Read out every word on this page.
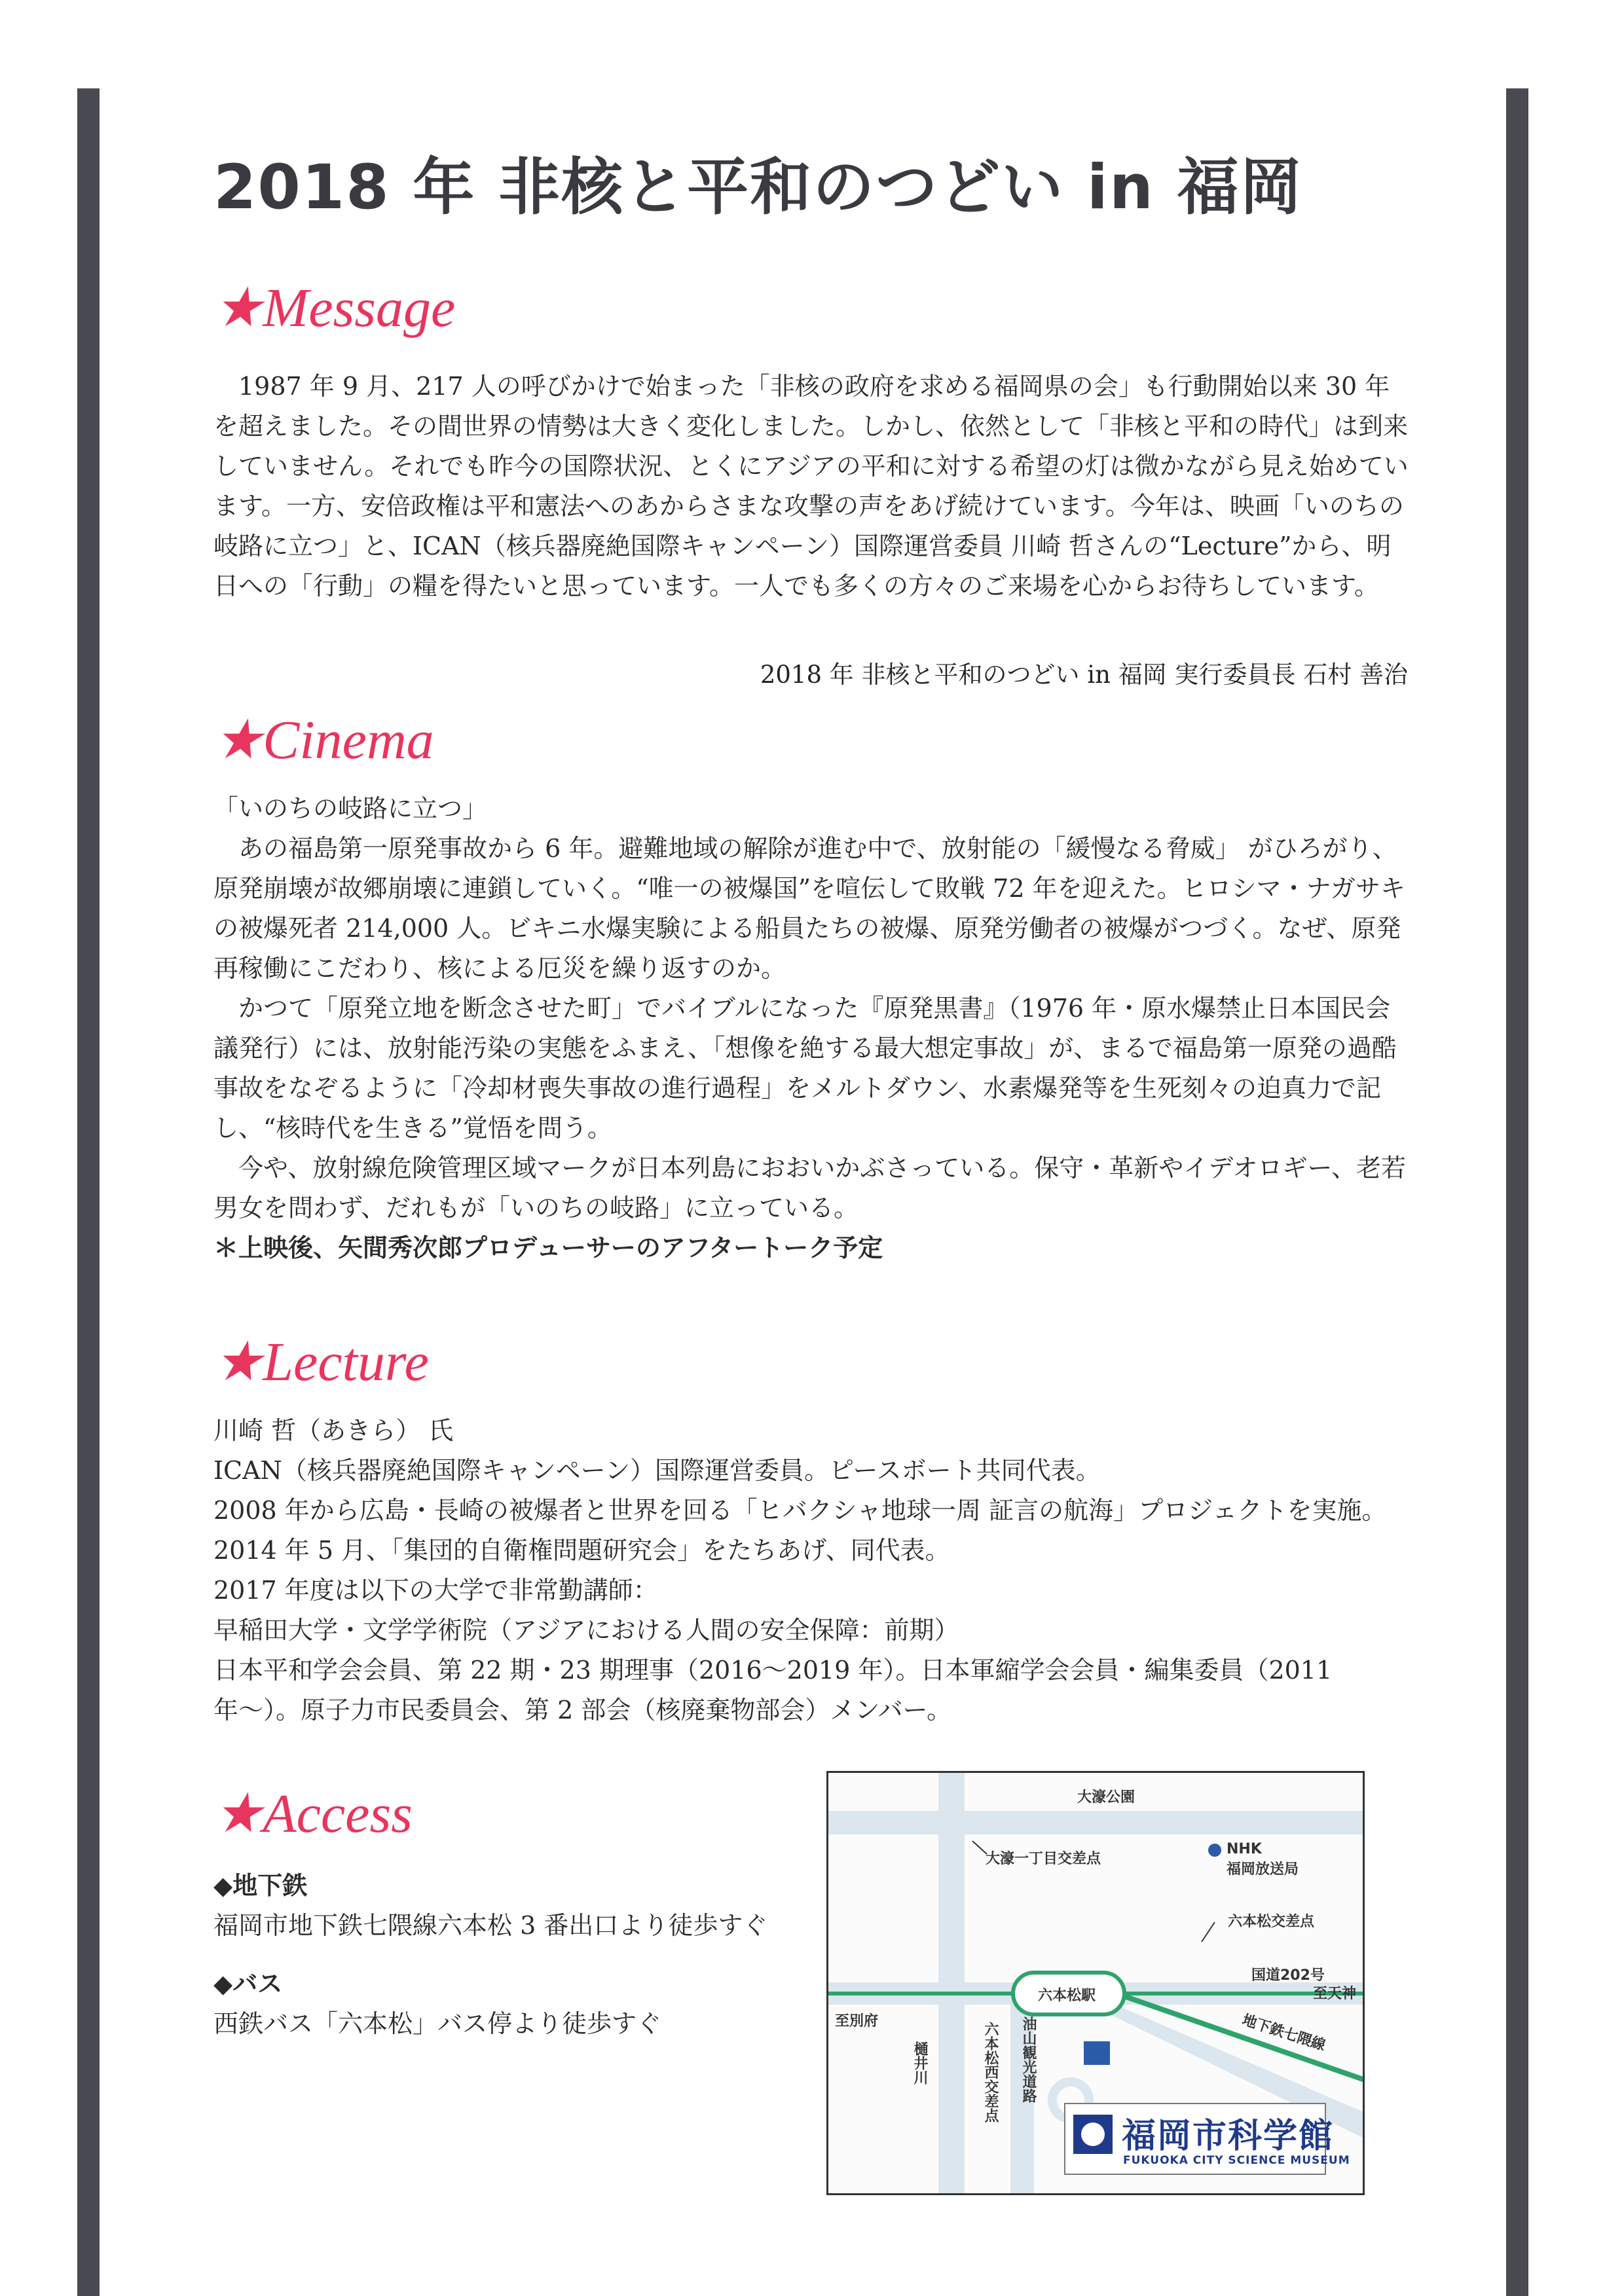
2018 年 非核と平和のつどい in 福岡
★Message

1987 年 9 月、217 人の呼びかけで始まった「非核の政府を求める福岡県の会」も行動開始以来 30 年を超えました。その間世界の情勢は大きく変化しました。しかし、依然として「非核と平和の時代」は到来していません。それでも昨今の国際状況、とくにアジアの平和に対する希望の灯は微かながら見え始めています。一方、安倍政権は平和憲法へのあからさまな攻撃の声をあげ続けています。今年は、映画「いのちの岐路に立つ」と、ICAN（核兵器廃絶国際キャンペーン）国際運営委員 川崎 哲さんの“Lecture”から、明日への「行動」の糧を得たいと思っています。一人でも多くの方々のご来場を心からお待ちしています。

2018 年 非核と平和のつどい in 福岡 実行委員長 石村 善治
★Cinema

「いのちの岐路に立つ」

あの福島第一原発事故から 6 年。避難地域の解除が進む中で、放射能の「緩慢なる脅威」 がひろがり、原発崩壊が故郷崩壊に連鎖していく。“唯一の被爆国”を喧伝して敗戦 72 年を迎えた。ヒロシマ・ナガサキの被爆死者 214,000 人。ビキニ水爆実験による船員たちの被爆、原発労働者の被爆がつづく。なぜ、原発再稼働にこだわり、核による厄災を繰り返すのか。

かつて「原発立地を断念させた町」でバイブルになった『原発黒書』（1976 年・原水爆禁止日本国民会議発行）には、放射能汚染の実態をふまえ、「想像を絶する最大想定事故」が、まるで福島第一原発の過酷事故をなぞるように「冷却材喪失事故の進行過程」をメルトダウン、水素爆発等を生死刻々の迫真力で記し、“核時代を生きる”覚悟を問う。

今や、放射線危険管理区域マークが日本列島におおいかぶさっている。保守・革新やイデオロギー、老若男女を問わず、だれもが「いのちの岐路」に立っている。

＊上映後、矢間秀次郎プロデューサーのアフタートーク予定

★Lecture

川崎 哲（あきら） 氏

ICAN（核兵器廃絶国際キャンペーン）国際運営委員。ピースボート共同代表。

2008 年から広島・長崎の被爆者と世界を回る「ヒバクシャ地球一周 証言の航海」プロジェクトを実施。2014 年 5 月、「集団的自衛権問題研究会」をたちあげ、同代表。

2017 年度は以下の大学で非常勤講師：

早稲田大学・文学学術院（アジアにおける人間の安全保障：前期）

日本平和学会会員、第 22 期・23 期理事（2016〜2019 年）。日本軍縮学会会員・編集委員（2011 年〜）。原子力市民委員会、第 2 部会（核廃棄物部会）メンバー。

★Access

◆地下鉄

福岡市地下鉄七隈線六本松 3 番出口より徒歩すぐ

◆バス

西鉄バス「六本松」バス停より徒歩すぐ

大濠公園
大濠一丁目交差点
NHK
福岡放送局
六本松交差点
六本松駅
国道202号
至天神
地下鉄七隈線
至別府
樋井川	六本松西交差点 油山観光道路
福岡市科学館
FUKUOKA CITY SCIENCE MUSEUM
